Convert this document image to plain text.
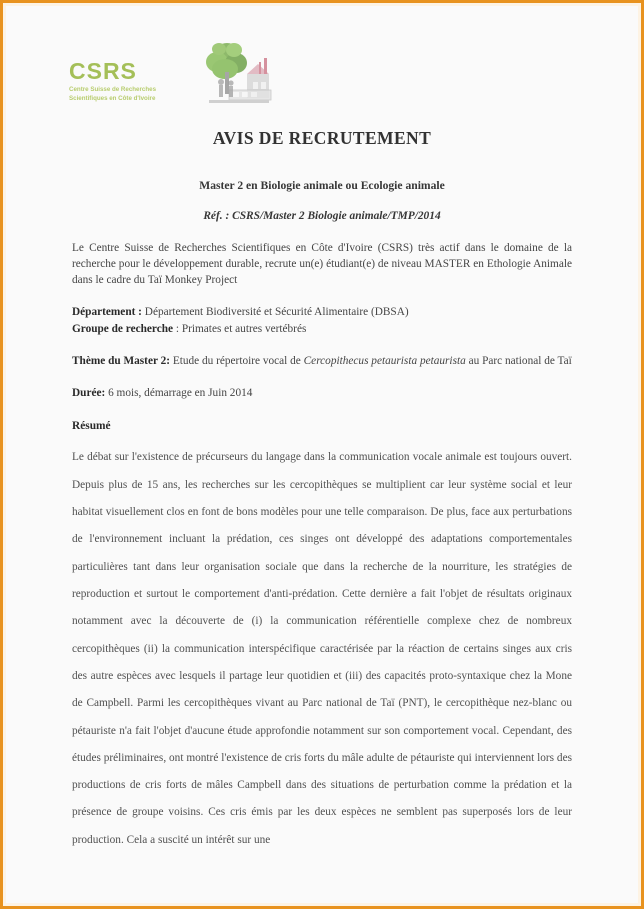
CSRS
Centre Suisse de Recherches
Scientifiques en Côte d'Ivoire
AVIS DE RECRUTEMENT
Master 2 en Biologie animale ou Ecologie animale
Réf. : CSRS/Master 2 Biologie animale/TMP/2014

Le Centre Suisse de Recherches Scientifiques en Côte d'Ivoire (CSRS) très actif dans le domaine de la recherche pour le développement durable, recrute un(e) étudiant(e) de niveau MASTER en Ethologie Animale dans le cadre du Taï Monkey Project

Département : Département Biodiversité et Sécurité Alimentaire (DBSA)

Groupe de recherche : Primates et autres vertébrés

Thème du Master 2: Etude du répertoire vocal de Cercopithecus petaurista petaurista au Parc national de Taï

Durée: 6 mois, démarrage en Juin 2014

Résumé

Le débat sur l'existence de précurseurs du langage dans la communication vocale animale est toujours ouvert. Depuis plus de 15 ans, les recherches sur les cercopithèques se multiplient car leur système social et leur habitat visuellement clos en font de bons modèles pour une telle comparaison. De plus, face aux perturbations de l'environnement incluant la prédation, ces singes ont développé des adaptations comportementales particulières tant dans leur organisation sociale que dans la recherche de la nourriture, les stratégies de reproduction et surtout le comportement d'anti-prédation. Cette dernière a fait l'objet de résultats originaux notamment avec la découverte de (i) la communication référentielle complexe chez de nombreux cercopithèques (ii) la communication interspécifique caractérisée par la réaction de certains singes aux cris des autre espèces avec lesquels il partage leur quotidien et (iii) des capacités proto-syntaxique chez la Mone de Campbell. Parmi les cercopithèques vivant au Parc national de Taï (PNT), le cercopithèque nez-blanc ou pétauriste n'a fait l'objet d'aucune étude approfondie notamment sur son comportement vocal. Cependant, des études préliminaires, ont montré l'existence de cris forts du mâle adulte de pétauriste qui interviennent lors des productions de cris forts de mâles Campbell dans des situations de perturbation comme la prédation et la présence de groupe voisins. Ces cris émis par les deux espèces ne semblent pas superposés lors de leur production. Cela a suscité un intérêt sur une
